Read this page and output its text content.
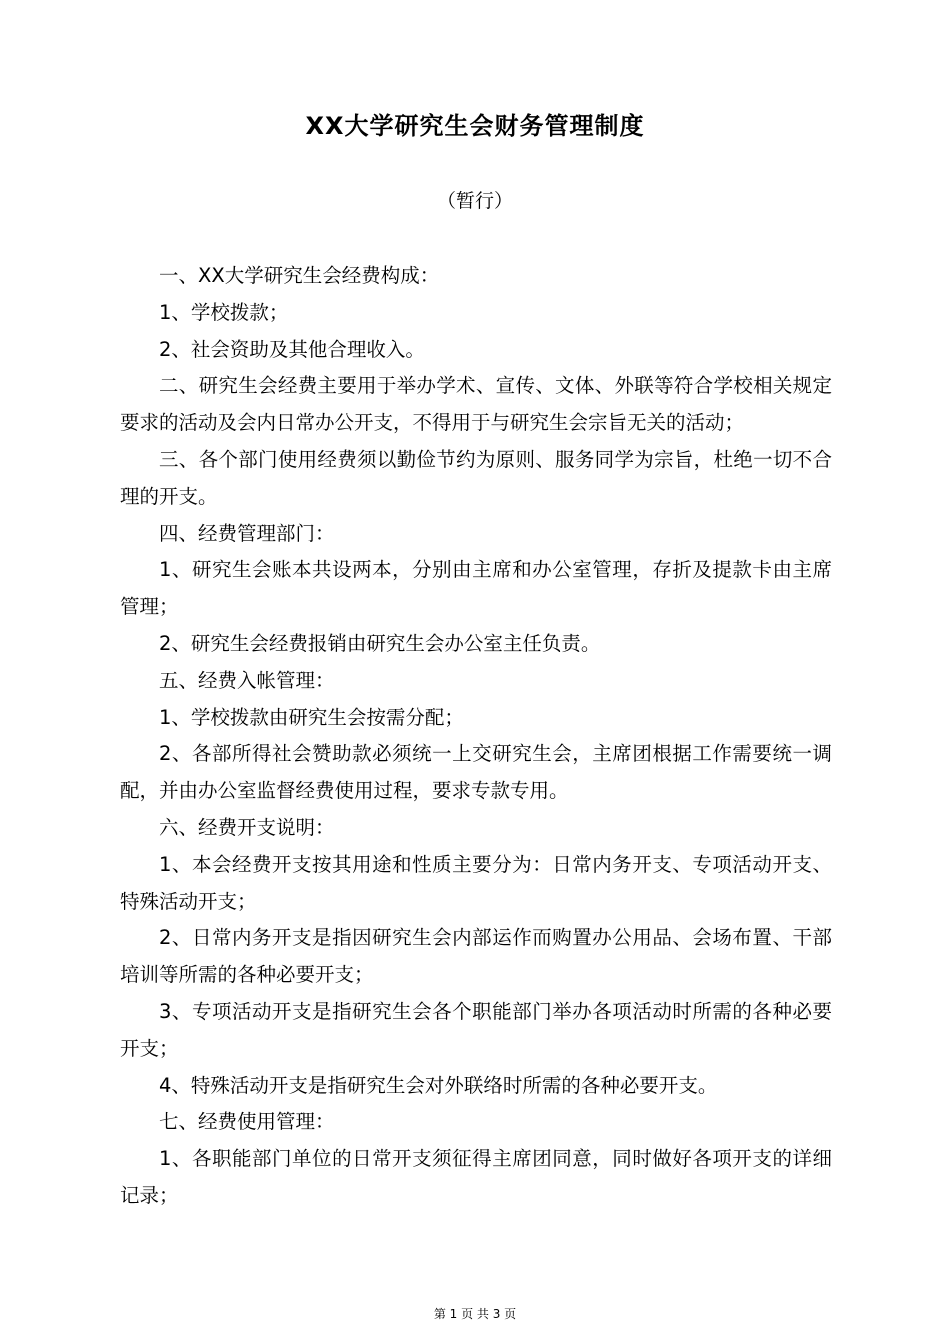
XX大学研究生会财务管理制度
（暂行）

一、XX大学研究生会经费构成：

1、学校拨款；

2、社会资助及其他合理收入。

二、研究生会经费主要用于举办学术、宣传、文体、外联等符合学校相关规定要求的活动及会内日常办公开支，不得用于与研究生会宗旨无关的活动；

三、各个部门使用经费须以勤俭节约为原则、服务同学为宗旨，杜绝一切不合理的开支。

四、经费管理部门：

1、研究生会账本共设两本，分别由主席和办公室管理，存折及提款卡由主席管理；

2、研究生会经费报销由研究生会办公室主任负责。

五、经费入帐管理：

1、学校拨款由研究生会按需分配；

2、各部所得社会赞助款必须统一上交研究生会，主席团根据工作需要统一调配，并由办公室监督经费使用过程，要求专款专用。

六、经费开支说明：

1、本会经费开支按其用途和性质主要分为：日常内务开支、专项活动开支、特殊活动开支；

2、日常内务开支是指因研究生会内部运作而购置办公用品、会场布置、干部培训等所需的各种必要开支；

3、专项活动开支是指研究生会各个职能部门举办各项活动时所需的各种必要开支；

4、特殊活动开支是指研究生会对外联络时所需的各种必要开支。

七、经费使用管理：

1、各职能部门单位的日常开支须征得主席团同意，同时做好各项开支的详细记录；

第 1 页 共 3 页
